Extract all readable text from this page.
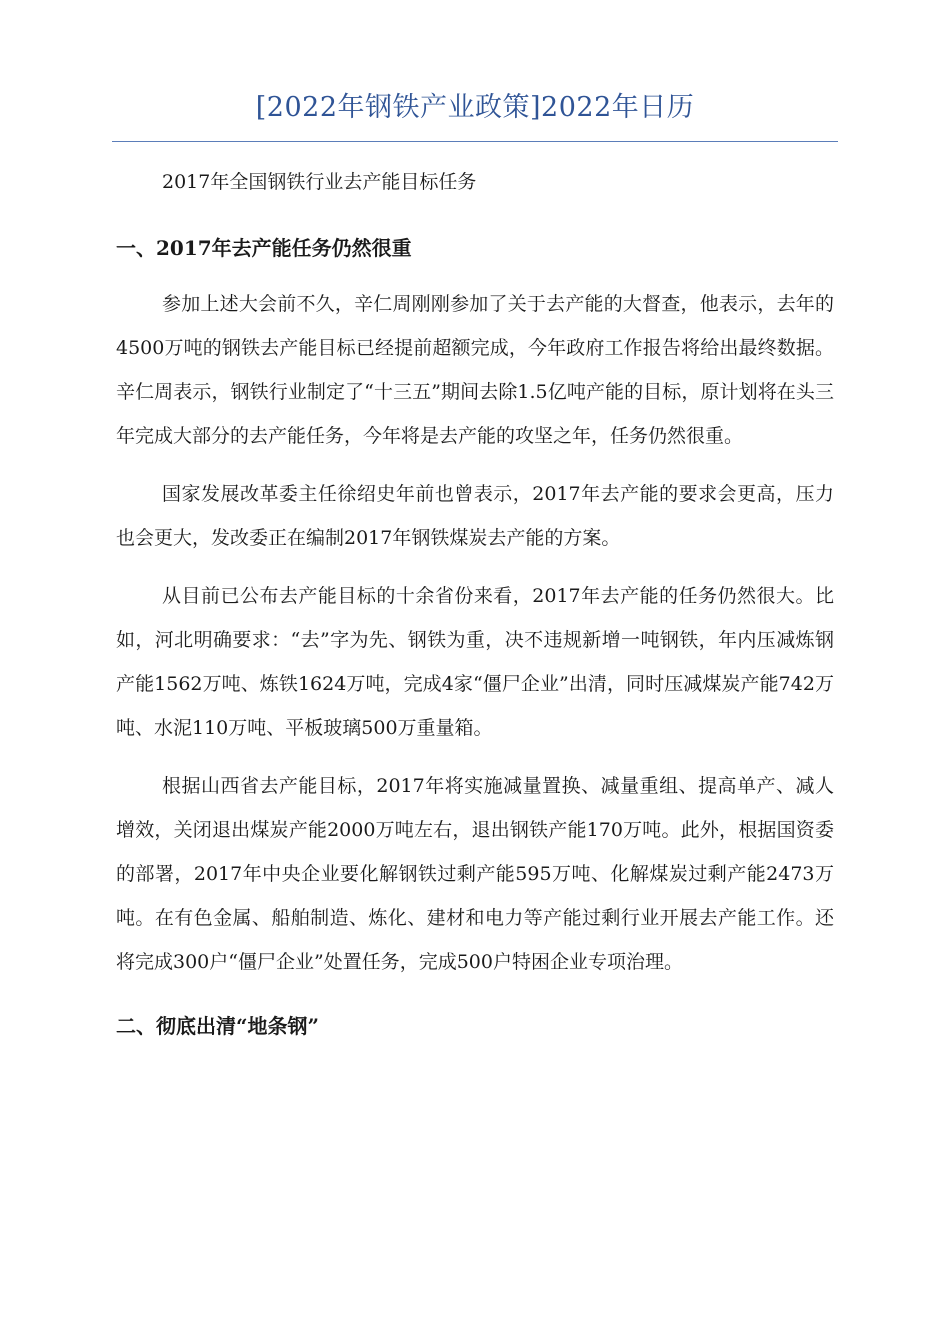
[2022年钢铁产业政策]2022年日历

2017年全国钢铁行业去产能目标任务

一、2017年去产能任务仍然很重

参加上述大会前不久，辛仁周刚刚参加了关于去产能的大督查，他表示，去年的4500万吨的钢铁去产能目标已经提前超额完成，今年政府工作报告将给出最终数据。辛仁周表示，钢铁行业制定了“十三五”期间去除1.5亿吨产能的目标，原计划将在头三年完成大部分的去产能任务，今年将是去产能的攻坚之年，任务仍然很重。

国家发展改革委主任徐绍史年前也曾表示，2017年去产能的要求会更高，压力也会更大，发改委正在编制2017年钢铁煤炭去产能的方案。

从目前已公布去产能目标的十余省份来看，2017年去产能的任务仍然很大。比如，河北明确要求：“去”字为先、钢铁为重，决不违规新增一吨钢铁，年内压减炼钢产能1562万吨、炼铁1624万吨，完成4家“僵尸企业”出清，同时压减煤炭产能742万吨、水泥110万吨、平板玻璃500万重量箱。

根据山西省去产能目标，2017年将实施减量置换、减量重组、提高单产、减人增效，关闭退出煤炭产能2000万吨左右，退出钢铁产能170万吨。此外，根据国资委的部署，2017年中央企业要化解钢铁过剩产能595万吨、化解煤炭过剩产能2473万吨。在有色金属、船舶制造、炼化、建材和电力等产能过剩行业开展去产能工作。还将完成300户“僵尸企业”处置任务，完成500户特困企业专项治理。

二、彻底出清“地条钢”
